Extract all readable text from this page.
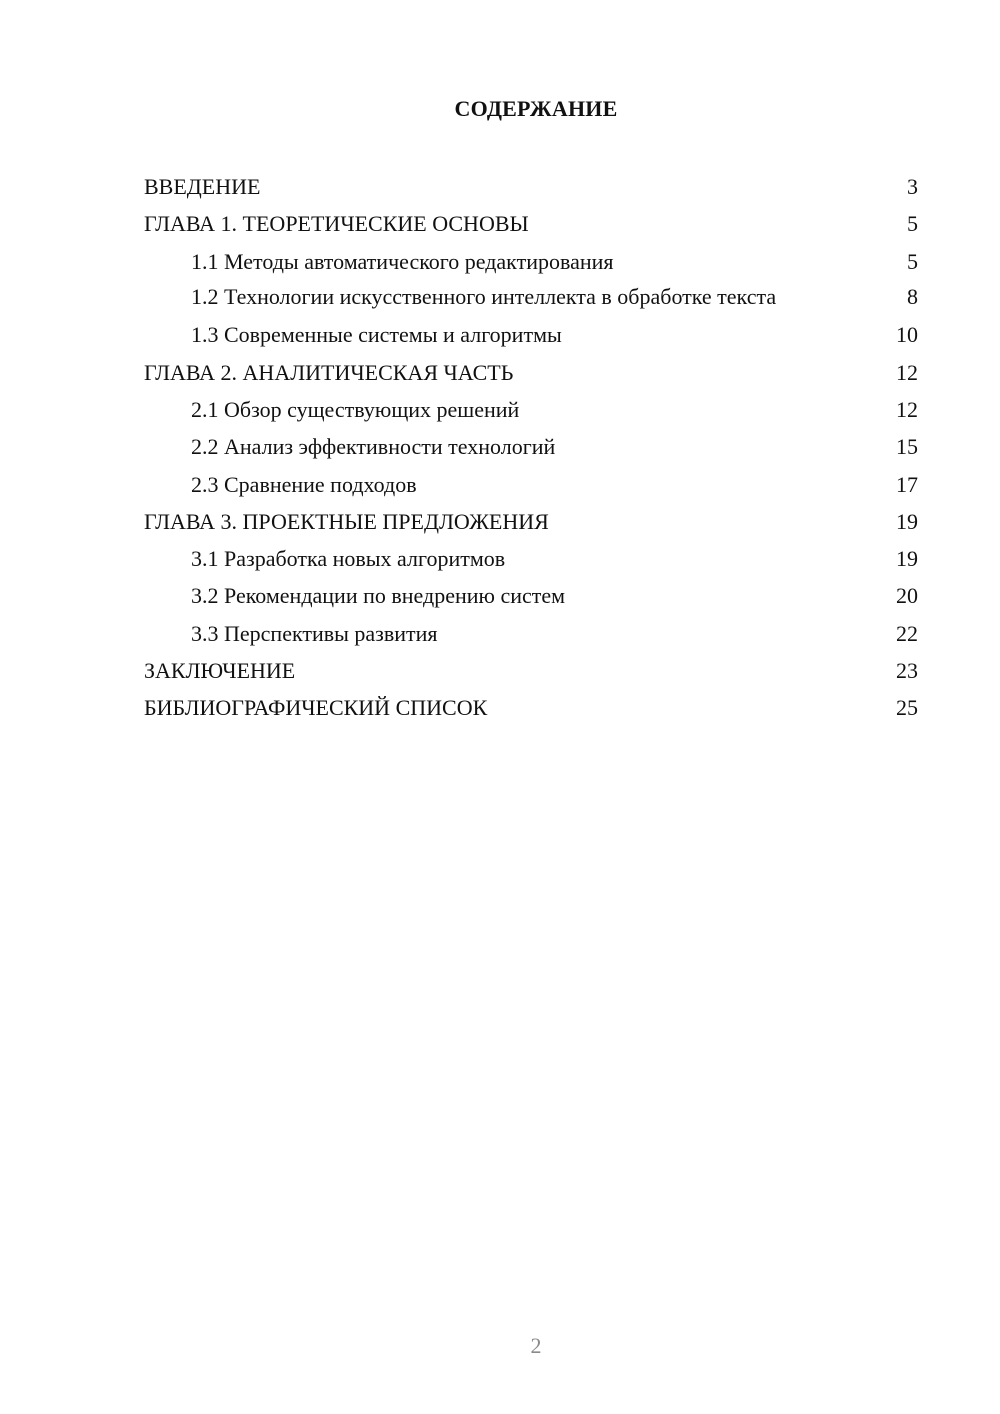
СОДЕРЖАНИЕ
ВВЕДЕНИЕ	3
ГЛАВА 1. ТЕОРЕТИЧЕСКИЕ ОСНОВЫ	5
1.1 Методы автоматического редактирования	5
1.2 Технологии искусственного интеллекта в обработке текста	8
1.3 Современные системы и алгоритмы	10
ГЛАВА 2. АНАЛИТИЧЕСКАЯ ЧАСТЬ	12
2.1 Обзор существующих решений	12
2.2 Анализ эффективности технологий	15
2.3 Сравнение подходов	17
ГЛАВА 3. ПРОЕКТНЫЕ ПРЕДЛОЖЕНИЯ	19
3.1 Разработка новых алгоритмов	19
3.2 Рекомендации по внедрению систем	20
3.3 Перспективы развития	22
ЗАКЛЮЧЕНИЕ	23
БИБЛИОГРАФИЧЕСКИЙ СПИСОК	25
2
